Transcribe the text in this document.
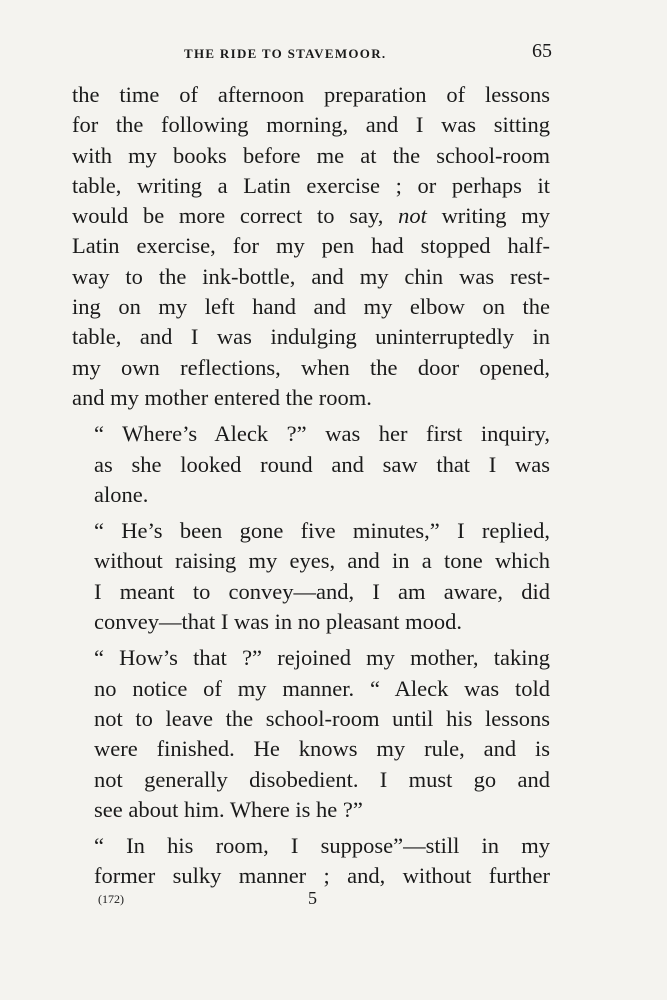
THE RIDE TO STAVEMOOR.	65

the time of afternoon preparation of lessons
for the following morning, and I was sitting
with my books before me at the school-room
table, writing a Latin exercise ; or perhaps it
would be more correct to say, not writing my
Latin exercise, for my pen had stopped half-
way to the ink-bottle, and my chin was rest-
ing on my left hand and my elbow on the
table, and I was indulging uninterruptedly in
my own reflections, when the door opened,
and my mother entered the room.

“ Where’s Aleck ?” was her first inquiry,
as she looked round and saw that I was
alone.

“ He’s been gone five minutes,” I replied,
without raising my eyes, and in a tone which
I meant to convey—and, I am aware, did
convey—that I was in no pleasant mood.

“ How’s that ?” rejoined my mother, taking
no notice of my manner. “ Aleck was told
not to leave the school-room until his lessons
were finished. He knows my rule, and is
not generally disobedient. I must go and
see about him. Where is he ?”

“ In his room, I suppose”—still in my
former sulky manner ; and, without further

(172)	5
